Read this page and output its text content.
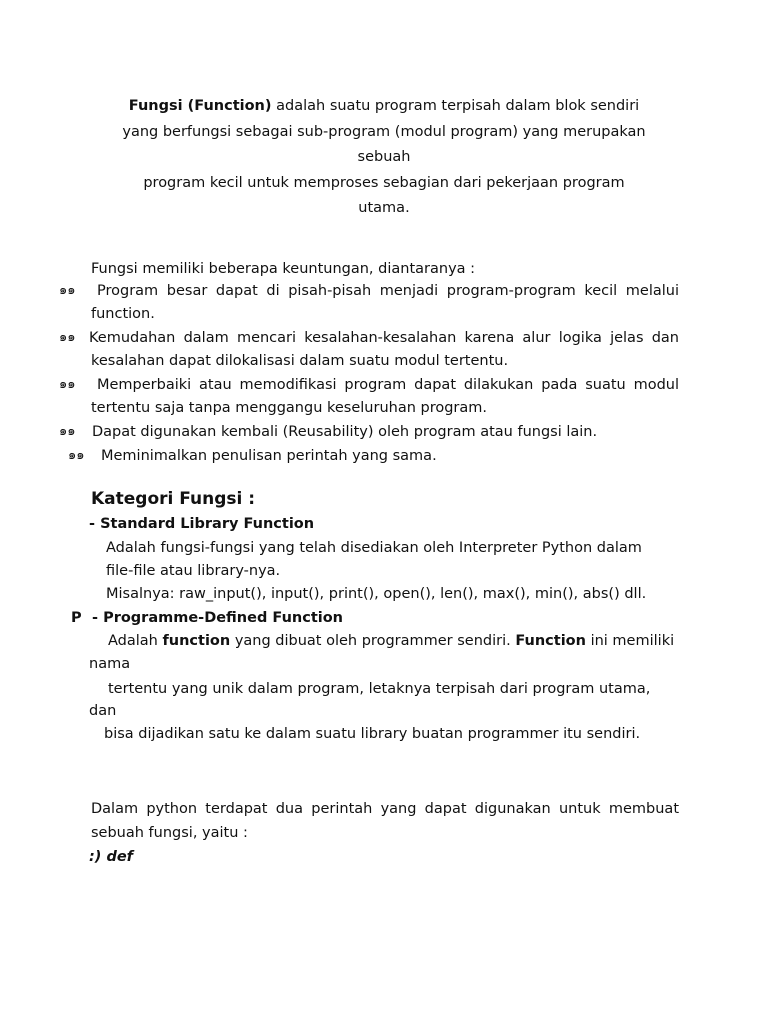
Fungsi (Function) adalah suatu program terpisah dalam blok sendiri
yang berfungsi sebagai sub-program (modul program) yang merupakan
sebuah
program kecil untuk memproses sebagian dari pekerjaan program
utama.
Fungsi memiliki beberapa keuntungan, diantaranya :
๑๑ Program besar dapat di pisah-pisah menjadi program-program kecil melalui
function.
๑๑ Kemudahan dalam mencari kesalahan-kesalahan karena alur logika jelas dan
kesalahan dapat dilokalisasi dalam suatu modul tertentu.
๑๑ Memperbaiki atau memodifikasi program dapat dilakukan pada suatu modul
tertentu saja tanpa menggangu keseluruhan program.
๑๑ Dapat digunakan kembali (Reusability) oleh program atau fungsi lain.
๑๑ Meminimalkan penulisan perintah yang sama.
Kategori Fungsi :
- Standard Library Function
Adalah fungsi-fungsi yang telah disediakan oleh Interpreter Python dalam
file-file atau library-nya.
Misalnya: raw_input(), input(), print(), open(), len(), max(), min(), abs() dll.
P - Programme-Defined Function
Adalah function yang dibuat oleh programmer sendiri. Function ini memiliki
nama
tertentu yang unik dalam program, letaknya terpisah dari program utama,
dan
bisa dijadikan satu ke dalam suatu library buatan programmer itu sendiri.
Dalam python terdapat dua perintah yang dapat digunakan untuk membuat
sebuah fungsi, yaitu :
:) def
